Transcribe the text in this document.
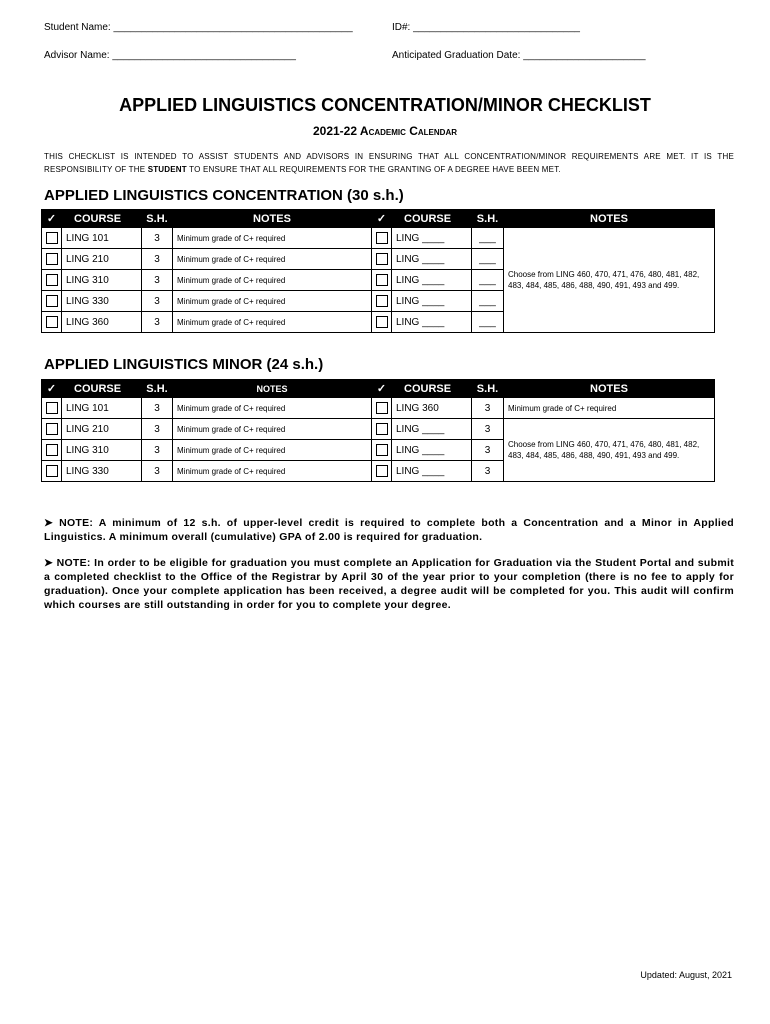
Student Name: ___________________________________________	ID#: ______________________________
Advisor Name: _________________________________	Anticipated Graduation Date: ______________________
APPLIED LINGUISTICS CONCENTRATION/MINOR CHECKLIST
2021-22 Academic Calendar
THIS CHECKLIST IS INTENDED TO ASSIST STUDENTS AND ADVISORS IN ENSURING THAT ALL CONCENTRATION/MINOR REQUIREMENTS ARE MET. IT IS THE RESPONSIBILITY OF THE STUDENT TO ENSURE THAT ALL REQUIREMENTS FOR THE GRANTING OF A DEGREE HAVE BEEN MET.
APPLIED LINGUISTICS CONCENTRATION (30 s.h.)
✓	COURSE	S.H.	NOTES	✓	COURSE	S.H.	NOTES
	LING 101	3	Minimum grade of C+ required		LING ____	___	Choose from LING 460, 470, 471, 476, 480, 481, 482, 483, 484, 485, 486, 488, 490, 491, 493 and 499.
	LING 210	3	Minimum grade of C+ required		LING ____	___	
	LING 310	3	Minimum grade of C+ required		LING ____	___	
	LING 330	3	Minimum grade of C+ required		LING ____	___	
	LING 360	3	Minimum grade of C+ required		LING ____	___	
APPLIED LINGUISTICS MINOR (24 s.h.)
✓	COURSE	S.H.	NOTES	✓	COURSE	S.H.	NOTES
	LING 101	3	Minimum grade of C+ required		LING 360	3	Minimum grade of C+ required
	LING 210	3	Minimum grade of C+ required		LING ____	3	Choose from LING 460, 470, 471, 476, 480, 481, 482, 483, 484, 485, 486, 488, 490, 491, 493 and 499.
	LING 310	3	Minimum grade of C+ required		LING ____	3	
	LING 330	3	Minimum grade of C+ required		LING ____	3	
➤ NOTE: A minimum of 12 s.h. of upper-level credit is required to complete both a Concentration and a Minor in Applied Linguistics. A minimum overall (cumulative) GPA of 2.00 is required for graduation.
➤ NOTE: In order to be eligible for graduation you must complete an Application for Graduation via the Student Portal and submit a completed checklist to the Office of the Registrar by April 30 of the year prior to your completion (there is no fee to apply for graduation). Once your complete application has been received, a degree audit will be completed for you. This audit will confirm which courses are still outstanding in order for you to complete your degree.
Updated: August, 2021
